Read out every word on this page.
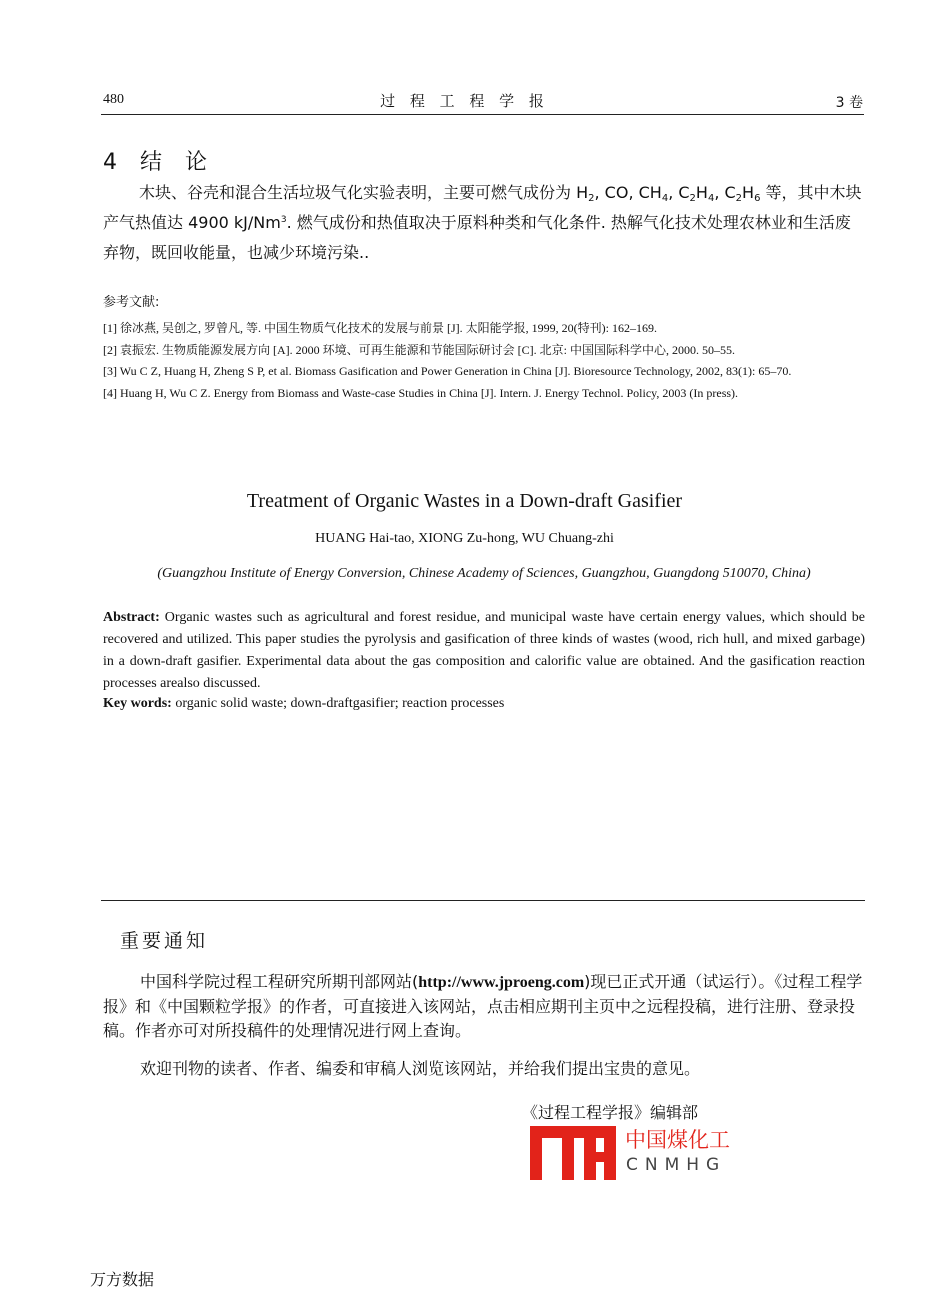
480	过 程 工 程 学 报	3 卷
4 结 论
木块、谷壳和混合生活垃圾气化实验表明，主要可燃气成份为 $H_2$, CO, $CH_4$, $C_2H_4$, $C_2H_6$ 等，其中木块产气热值达 4900 kJ/Nm$^3$. 燃气成份和热值取决于原料种类和气化条件. 热解气化技术处理农林业和生活废弃物，既回收能量，也减少环境污染..
参考文献:
[1] 徐冰燕, 吴创之, 罗曾凡, 等. 中国生物质气化技术的发展与前景 [J]. 太阳能学报, 1999, 20(特刊): 162–169.
[2] 袁振宏. 生物质能源发展方向 [A]. 2000 环境、可再生能源和节能国际研讨会 [C]. 北京: 中国国际科学中心, 2000. 50–55.
[3] Wu C Z, Huang H, Zheng S P, et al. Biomass Gasification and Power Generation in China [J]. Bioresource Technology, 2002, 83(1): 65–70.
[4] Huang H, Wu C Z. Energy from Biomass and Waste-case Studies in China [J]. Intern. J. Energy Technol. Policy, 2003 (In press).
Treatment of Organic Wastes in a Down-draft Gasifier
HUANG Hai-tao, XIONG Zu-hong, WU Chuang-zhi
(Guangzhou Institute of Energy Conversion, Chinese Academy of Sciences, Guangzhou, Guangdong 510070, China)
Abstract: Organic wastes such as agricultural and forest residue, and municipal waste have certain energy values, which should be recovered and utilized. This paper studies the pyrolysis and gasification of three kinds of wastes (wood, rich hull, and mixed garbage) in a down-draft gasifier. Experimental data about the gas composition and calorific value are obtained. And the gasification reaction processes arealso discussed.
Key words: organic solid waste; down-draftgasifier; reaction processes
重要通知
中国科学院过程工程研究所期刊部网站(http://www.jproeng.com)现已正式开通（试运行）。《过程工程学报》和《中国颗粒学报》的作者，可直接进入该网站，点击相应期刊主页中之远程投稿，进行注册、登录投稿。作者亦可对所投稿件的处理情况进行网上查询。
欢迎刊物的读者、作者、编委和审稿人浏览该网站，并给我们提出宝贵的意见。
《过程工程学报》编辑部
中国煤化工
CNMHG
万方数据
